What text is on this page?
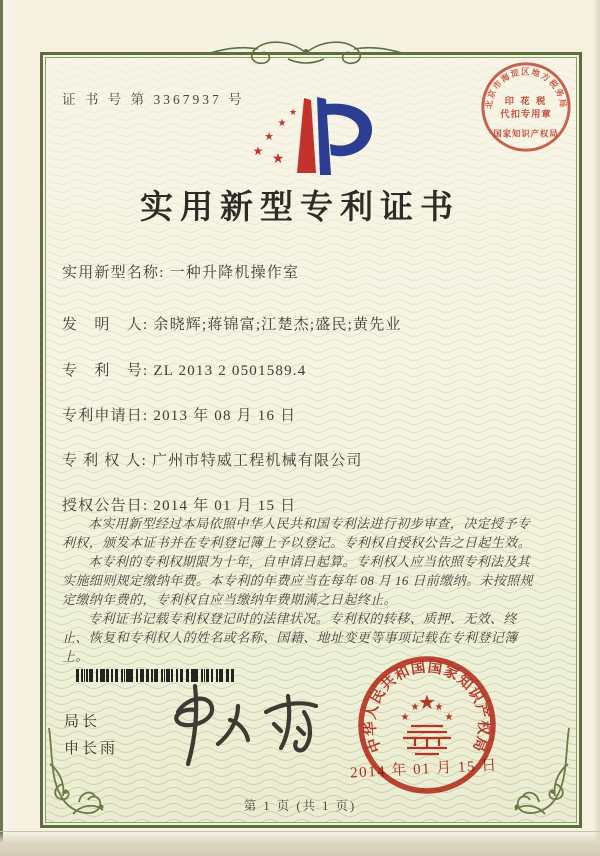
证 书 号 第 3367937 号
★
★
★
★ ★
实用新型专利证书
实用新型名称: 一种升降机操作室
发　明　人: 余晓辉;蒋锦富;江楚杰;盛民;黄先业
专　利　号: ZL 2013 2 0501589.4
专利申请日: 2013 年 08 月 16 日
专 利 权 人: 广州市特威工程机械有限公司
授权公告日: 2014 年 01 月 15 日

本实用新型经过本局依照中华人民共和国专利法进行初步审查，决定授予专利权，颁发本证书并在专利登记簿上予以登记。专利权自授权公告之日起生效。

本专利的专利权期限为十年，自申请日起算。专利权人应当依照专利法及其实施细则规定缴纳年费。本专利的年费应当在每年 08 月 16 日前缴纳。未按照规定缴纳年费的，专利权自应当缴纳年费期满之日起终止。

专利证书记载专利权登记时的法律状况。专利权的转移、质押、无效、终止、恢复和专利权人的姓名或名称、国籍、地址变更等事项记载在专利登记簿上。

局长
申长雨	中华人民共和国国家知识产权局
★
★
★ ★
★
2014 年 01 月 15 日
北京市海淀区地方税务局
印 花 税
代扣专用章
国家知识产权局
第 1 页 (共 1 页)
